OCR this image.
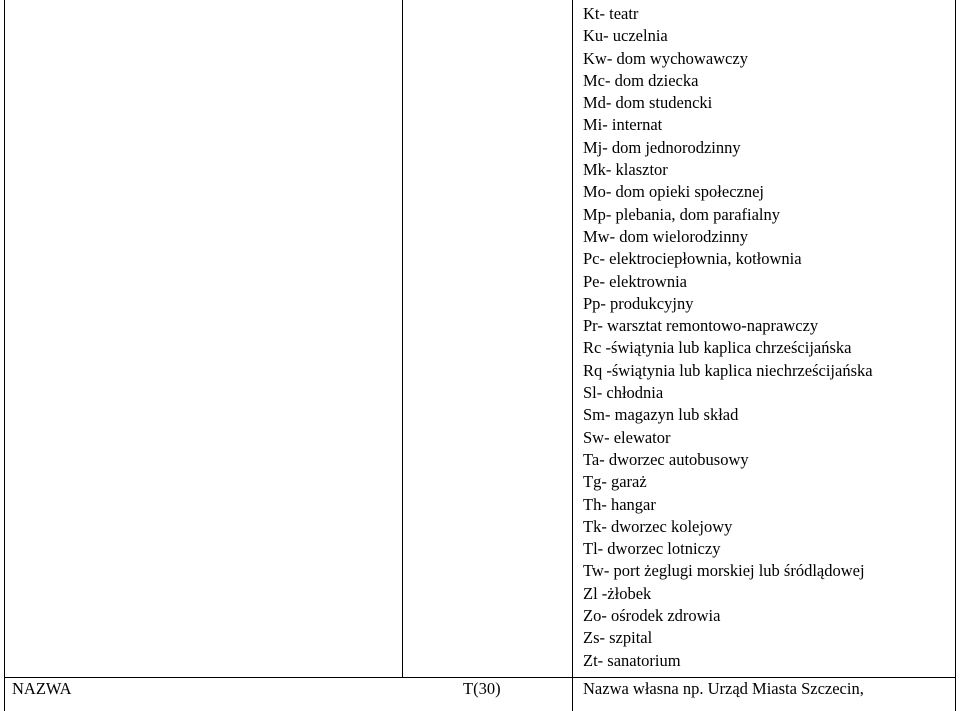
Kt- teatr
Ku- uczelnia
Kw- dom wychowawczy
Mc- dom dziecka
Md- dom studencki
Mi- internat
Mj- dom jednorodzinny
Mk- klasztor
Mo- dom opieki społecznej
Mp- plebania, dom parafialny
Mw- dom wielorodzinny
Pc- elektrociepłownia, kotłownia
Pe- elektrownia
Pp- produkcyjny
Pr- warsztat remontowo-naprawczy
Rc -świątynia lub kaplica chrześcijańska
Rq -świątynia lub kaplica niechrześcijańska
Sl- chłodnia
Sm- magazyn lub skład
Sw- elewator
Ta- dworzec autobusowy
Tg- garaż
Th- hangar
Tk- dworzec kolejowy
Tl- dworzec lotniczy
Tw- port żeglugi morskiej lub śródlądowej
Zl -żłobek
Zo- ośrodek zdrowia
Zs- szpital
Zt- sanatorium
NAZWA	T(30)	Nazwa własna np. Urząd Miasta Szczecin,
